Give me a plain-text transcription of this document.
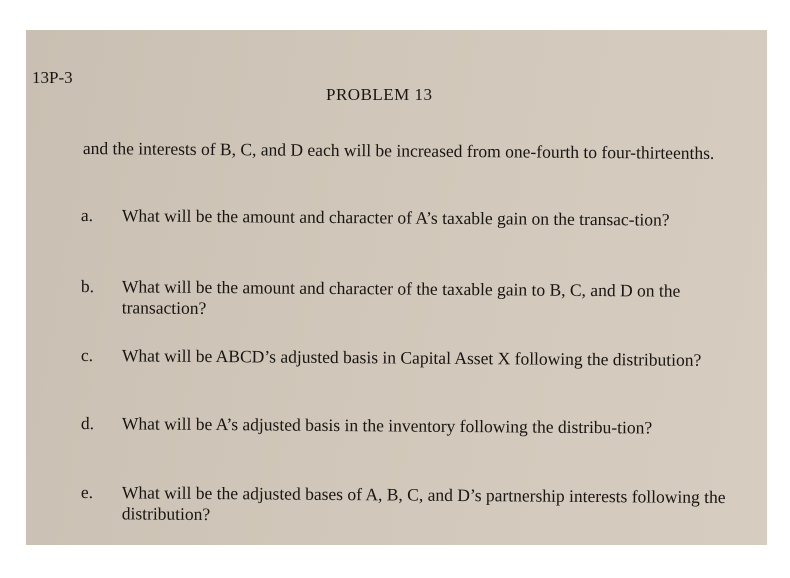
13P-3
PROBLEM 13
and the interests of B, C, and D each will be increased from one-fourth to four-thirteenths.
a.	What will be the amount and character of A’s taxable gain on the transac-tion?
b.	What will be the amount and character of the taxable gain to B, C, and D on the transaction?
c.	What will be ABCD’s adjusted basis in Capital Asset X following the distribution?
d.	What will be A’s adjusted basis in the inventory following the distribu-tion?
e.	What will be the adjusted bases of A, B, C, and D’s partnership interests following the distribution?
